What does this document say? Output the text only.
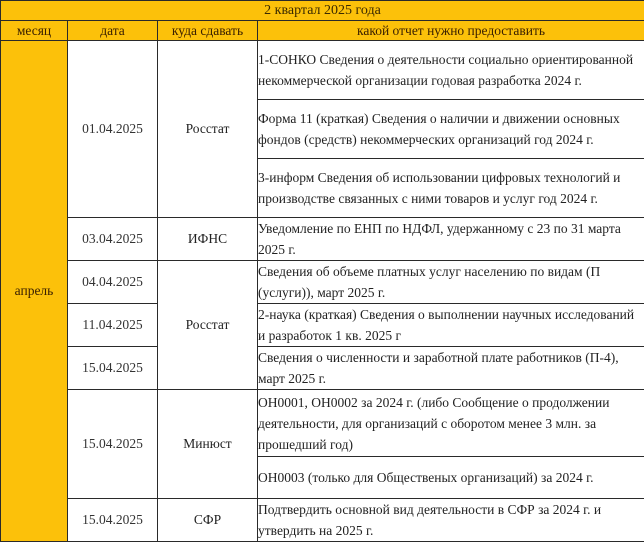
2 квартал 2025 года			
месяц	дата	куда сдавать	какой отчет нужно предоставить
апрель	01.04.2025	Росстат	1-СОНКО Сведения о деятельности социально ориентированной некоммерческой организации годовая разработка 2024 г.
			Форма 11 (краткая) Сведения о наличии и движении основных фондов (средств) некоммерческих организаций год 2024 г.
			3-информ Сведения об использовании цифровых технологий и производстве связанных с ними товаров и услуг год 2024 г.
	03.04.2025	ИФНС	Уведомление по ЕНП по НДФЛ, удержанному с 23 по 31 марта 2025 г.
	04.04.2025	Росстат	Сведения об объеме платных услуг населению по видам (П (услуги)), март 2025 г.
	11.04.2025		2-наука (краткая) Сведения о выполнении научных исследований и разработок 1 кв. 2025 г
	15.04.2025		Сведения о численности и заработной плате работников (П-4), март 2025 г.
	15.04.2025	Минюст	ОН0001, ОН0002 за 2024 г. (либо Сообщение о продолжении деятельности, для организаций с оборотом менее 3 млн. за прошедший год)
			ОН0003 (только для Общественых организаций) за 2024 г.
	15.04.2025	СФР	Подтвердить основной вид деятельности в СФР за 2024 г. и утвердить на 2025 г.
